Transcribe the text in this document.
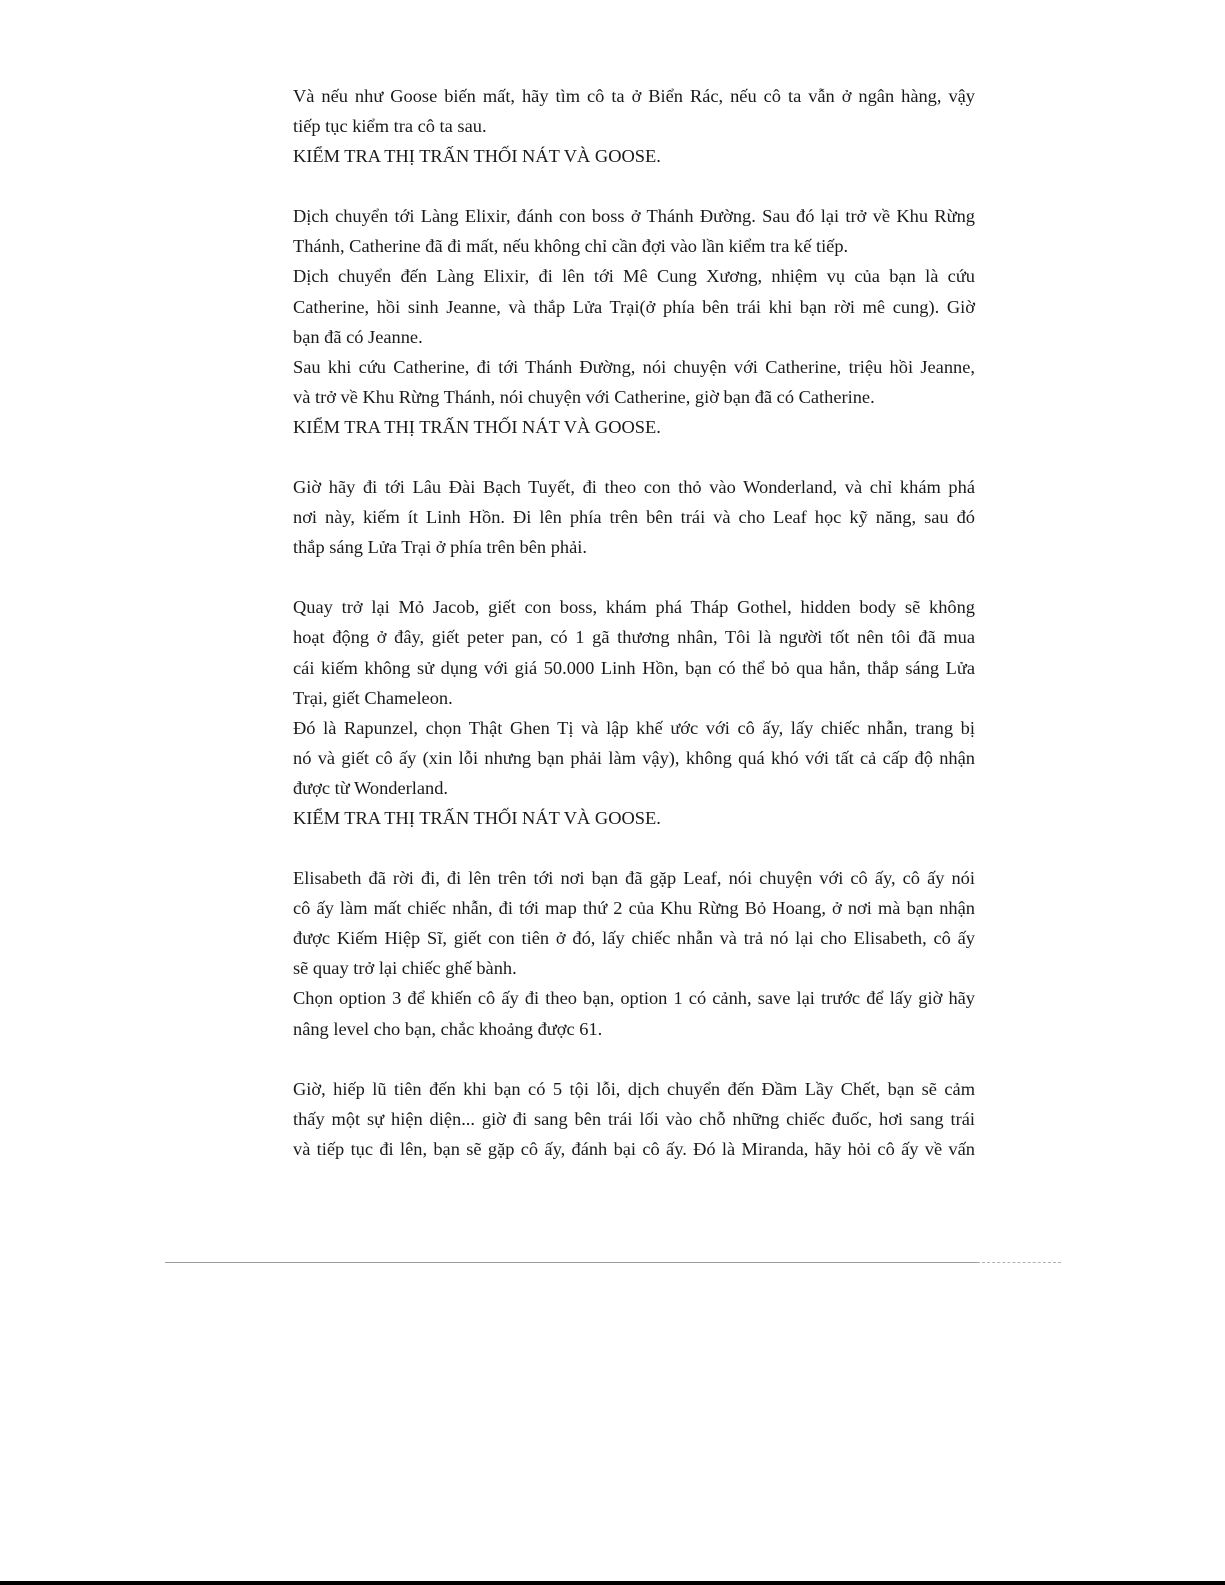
Và nếu như Goose biến mất, hãy tìm cô ta ở Biển Rác, nếu cô ta vẫn ở ngân hàng, vậy
tiếp tục kiểm tra cô ta sau.
KIỂM TRA THỊ TRẤN THỐI NÁT VÀ GOOSE.
Dịch chuyển tới Làng Elixir, đánh con boss ở Thánh Đường. Sau đó lại trở về Khu Rừng
Thánh, Catherine đã đi mất, nếu không chỉ cần đợi vào lần kiểm tra kế tiếp.
Dịch chuyển đến Làng Elixir, đi lên tới Mê Cung Xương, nhiệm vụ của bạn là cứu
Catherine, hồi sinh Jeanne, và thắp Lửa Trại(ở phía bên trái khi bạn rời mê cung). Giờ
bạn đã có Jeanne.
Sau khi cứu Catherine, đi tới Thánh Đường, nói chuyện với Catherine, triệu hồi Jeanne,
và trở về Khu Rừng Thánh, nói chuyện với Catherine, giờ bạn đã có Catherine.
KIỂM TRA THỊ TRẤN THỐI NÁT VÀ GOOSE.
Giờ hãy đi tới Lâu Đài Bạch Tuyết, đi theo con thỏ vào Wonderland, và chỉ khám phá
nơi này, kiếm ít Linh Hồn. Đi lên phía trên bên trái và cho Leaf học kỹ năng, sau đó
thắp sáng Lửa Trại ở phía trên bên phải.
Quay trở lại Mỏ Jacob, giết con boss, khám phá Tháp Gothel, hidden body sẽ không
hoạt động ở đây, giết peter pan, có 1 gã thương nhân, Tôi là người tốt nên tôi đã mua
cái kiếm không sử dụng với giá 50.000 Linh Hồn, bạn có thể bỏ qua hắn, thắp sáng Lửa
Trại, giết Chameleon.
Đó là Rapunzel, chọn Thật Ghen Tị và lập khế ước với cô ấy, lấy chiếc nhẫn, trang bị
nó và giết cô ấy (xin lỗi nhưng bạn phải làm vậy), không quá khó với tất cả cấp độ nhận
được từ Wonderland.
KIỂM TRA THỊ TRẤN THỐI NÁT VÀ GOOSE.
Elisabeth đã rời đi, đi lên trên tới nơi bạn đã gặp Leaf, nói chuyện với cô ấy, cô ấy nói
cô ấy làm mất chiếc nhẫn, đi tới map thứ 2 của Khu Rừng Bỏ Hoang, ở nơi mà bạn nhận
được Kiếm Hiệp Sĩ, giết con tiên ở đó, lấy chiếc nhẫn và trả nó lại cho Elisabeth, cô ấy
sẽ quay trở lại chiếc ghế bành.
Chọn option 3 để khiến cô ấy đi theo bạn, option 1 có cảnh, save lại trước để lấy giờ hãy
nâng level cho bạn, chắc khoảng được 61.
Giờ, hiếp lũ tiên đến khi bạn có 5 tội lỗi, dịch chuyển đến Đầm Lầy Chết, bạn sẽ cảm
thấy một sự hiện diện... giờ đi sang bên trái lối vào chỗ những chiếc đuốc, hơi sang trái
và tiếp tục đi lên, bạn sẽ gặp cô ấy, đánh bại cô ấy. Đó là Miranda, hãy hỏi cô ấy về vấn
